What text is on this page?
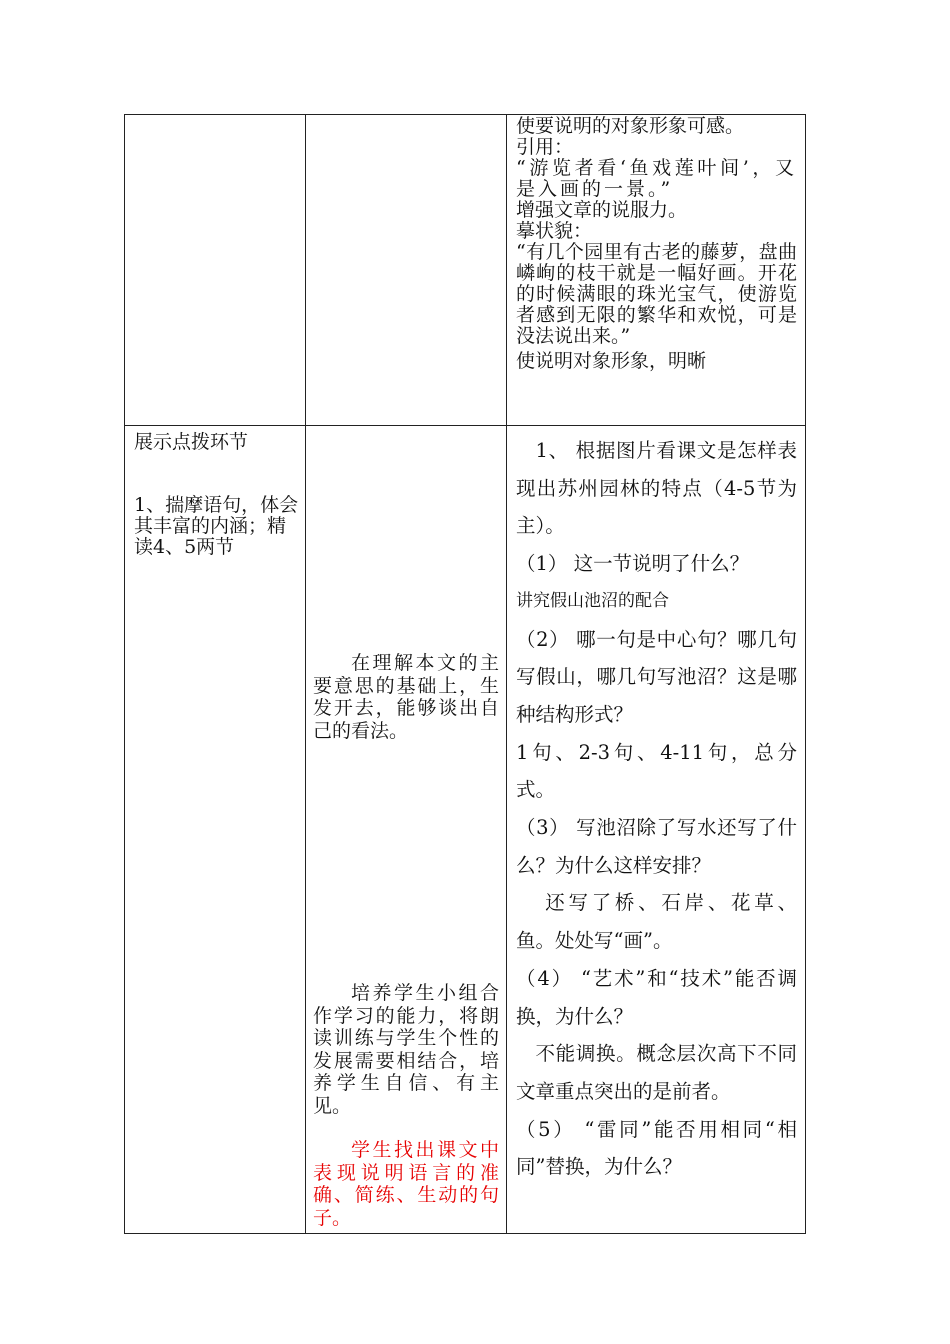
使要说明的对象形象可感。

引用：

“游览者看‘鱼戏莲叶间’，又是入画的一景。”

增强文章的说服力。

摹状貌：

“有几个园里有古老的藤萝，盘曲嶙峋的枝干就是一幅好画。开花的时候满眼的珠光宝气，使游览者感到无限的繁华和欢悦，可是没法说出来。”

使说明对象形象，明晰

展示点拨环节

1、揣摩语句，体会其丰富的内涵；精读4、5两节

在理解本文的主要意思的基础上，生发开去，能够谈出自己的看法。

培养学生小组合作学习的能力，将朗读训练与学生个性的发展需要相结合，培养学生自信、有主见。

学生找出课文中表现说明语言的准确、简练、生动的句子。

1、 根据图片看课文是怎样表现出苏州园林的特点（4-5节为主）。

（1） 这一节说明了什么？

讲究假山池沼的配合

（2） 哪一句是中心句？哪几句写假山，哪几句写池沼？这是哪种结构形式？

1句、2-3句、4-11句，总分式。

（3） 写池沼除了写水还写了什么？为什么这样安排？

还写了桥、石岸、花草、鱼。处处写“画”。

（4） “艺术”和“技术”能否调换，为什么？

不能调换。概念层次高下不同文章重点突出的是前者。

（5） “雷同”能否用相同“相同”替换，为什么？
